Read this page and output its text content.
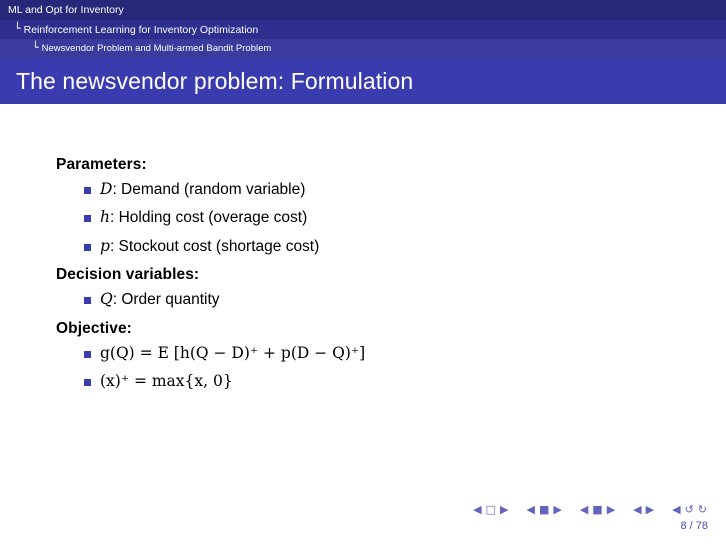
ML and Opt for Inventory
└ Reinforcement Learning for Inventory Optimization
└ Newsvendor Problem and Multi-armed Bandit Problem
The newsvendor problem: Formulation
Parameters:
D: Demand (random variable)
h: Holding cost (overage cost)
p: Stockout cost (shortage cost)
Decision variables:
Q: Order quantity
Objective:
g(Q) = E [h(Q − D)⁺ + p(D − Q)⁺]
(x)⁺ = max{x, 0}
◀ □ ▶ ◀ ■ ▶ ◀ ■ ▶ ◀ ▶ ◀ ↺ ↻
8 / 78
